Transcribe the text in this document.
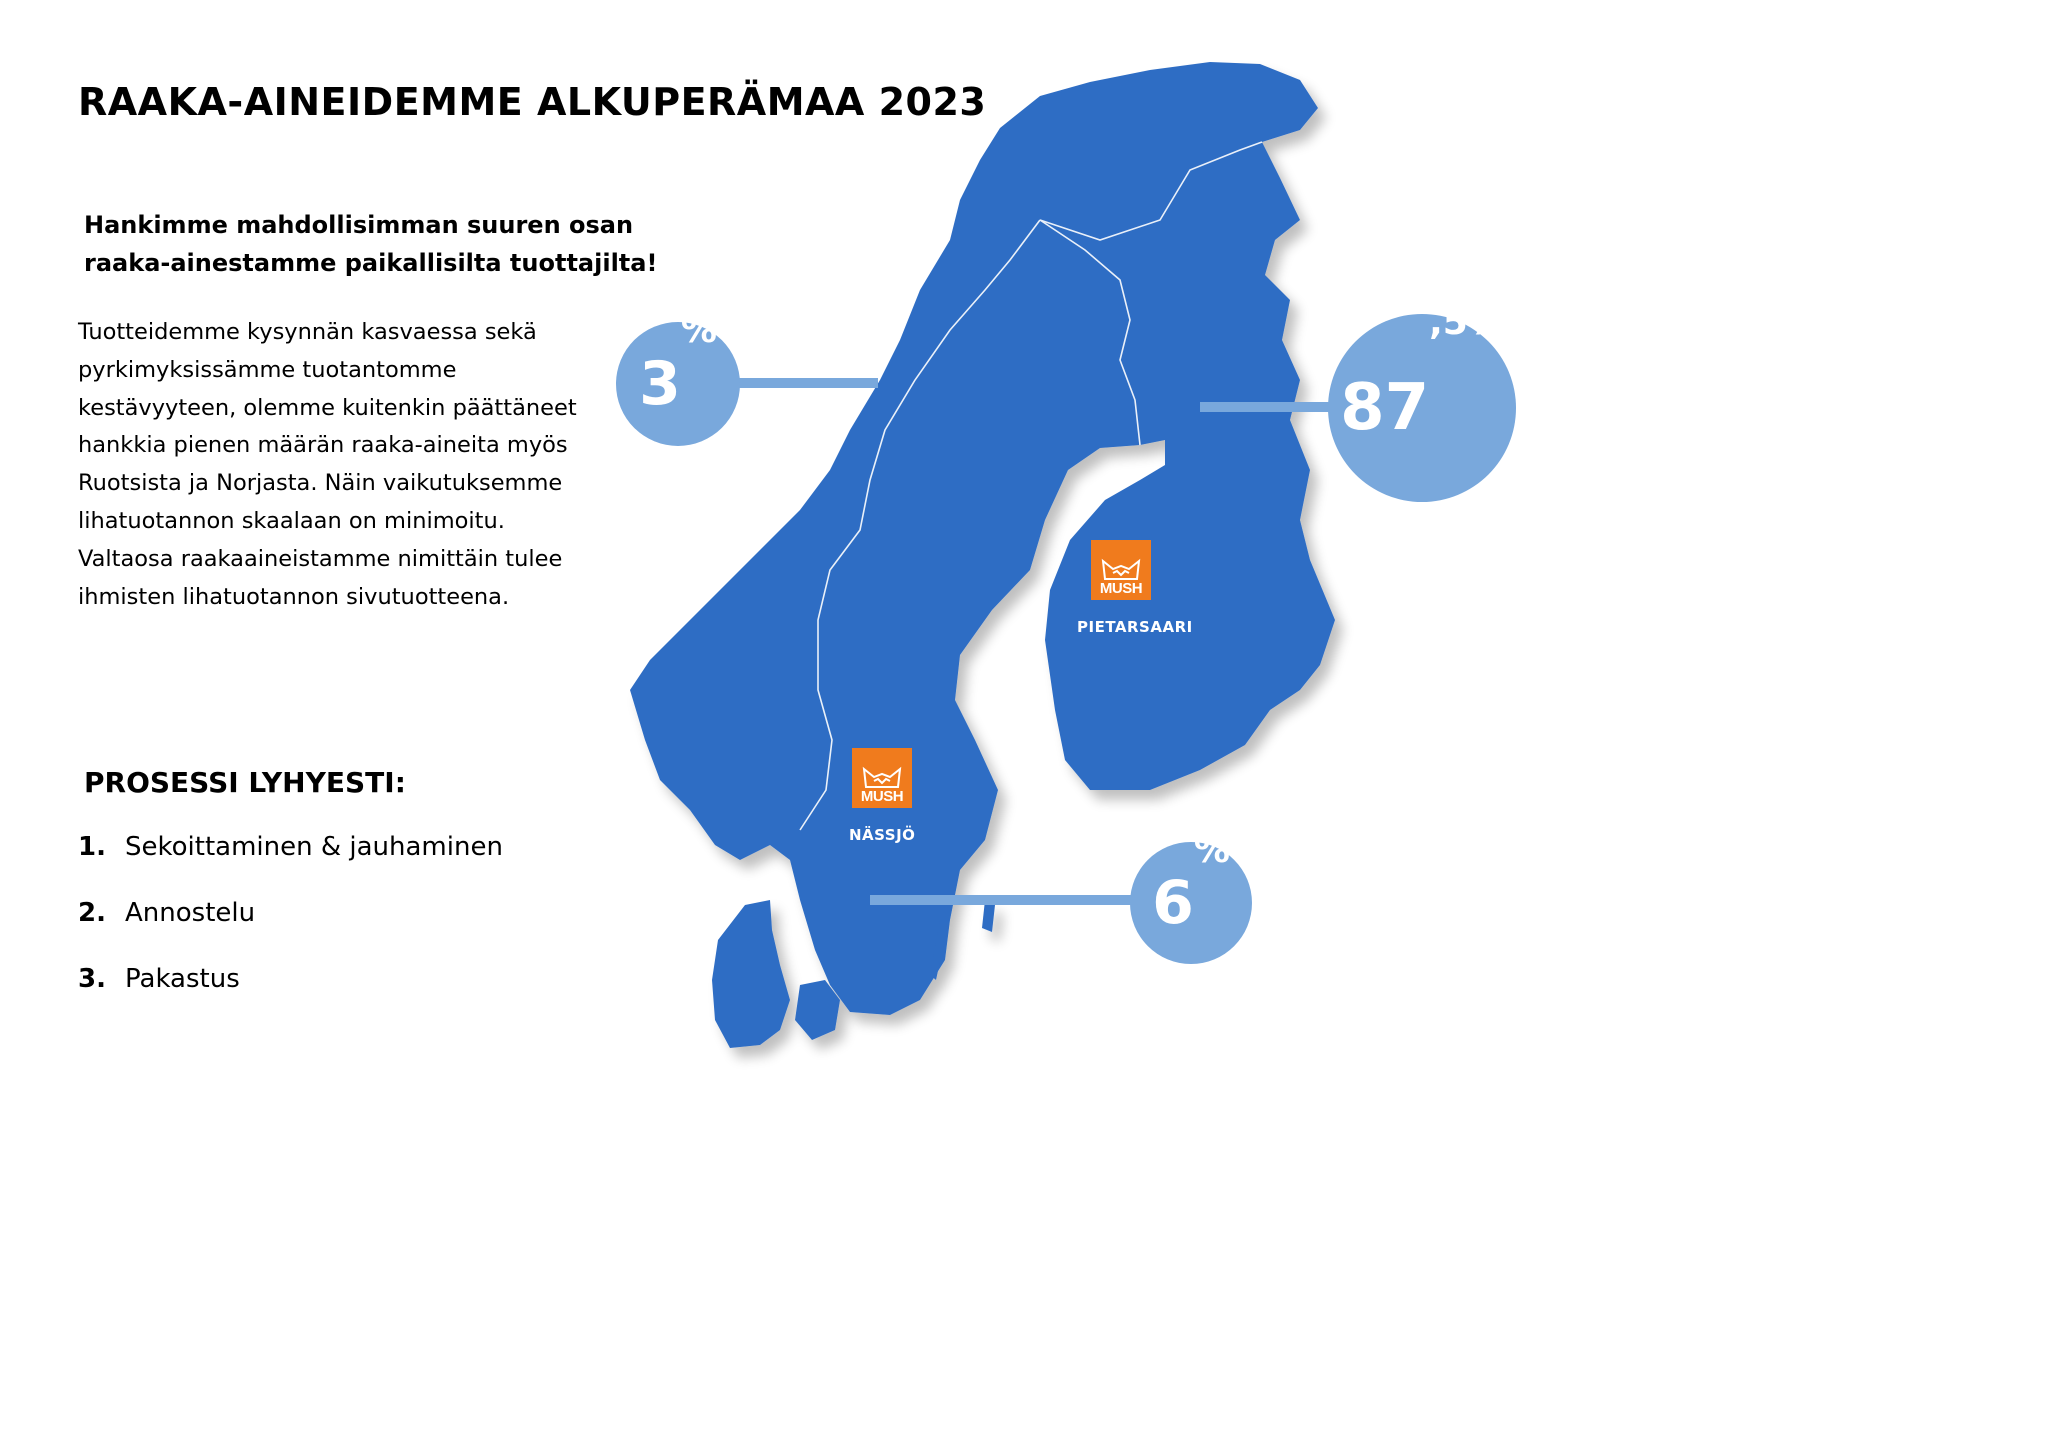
RAAKA-AINEIDEMME ALKUPERÄMAA 2023

Hankimme mahdollisimman suuren osan raaka-ainestamme paikallisilta tuottajilta!

Tuotteidemme kysynnän kasvaessa sekä pyrkimyksissämme tuotantomme kestävyyteen, olemme kuitenkin päättäneet hankkia pienen määrän raaka-aineita myös Ruotsista ja Norjasta. Näin vaikutuksemme lihatuotannon skaalaan on minimoitu. Valtaosa raakaaineistamme nimittäin tulee ihmisten lihatuotannon sivutuotteena.

PROSESSI LYHYESTI:
1. Sekoittaminen & jauhaminen
2. Annostelu
3. Pakastus
3
%
87
,5%
6
%
MUSH
PIETARSAARI
MUSH
NÄSSJÖ
